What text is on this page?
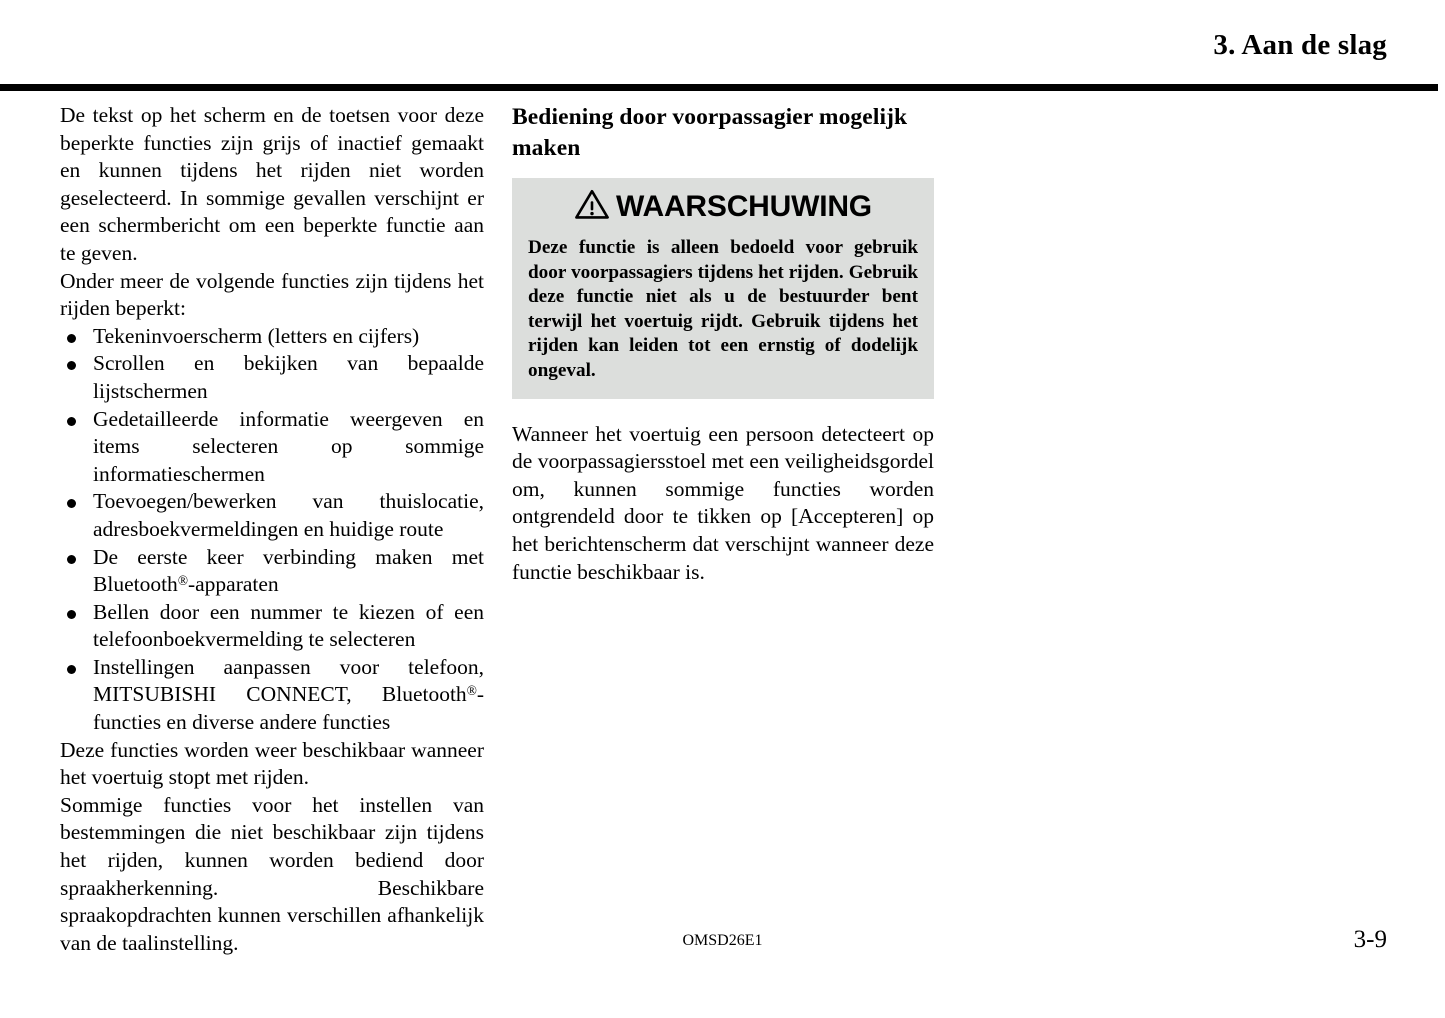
3. Aan de slag

De tekst op het scherm en de toetsen voor deze beperkte functies zijn grijs of inactief gemaakt en kunnen tijdens het rijden niet worden geselecteerd. In sommige gevallen verschijnt er een schermbericht om een beperkte functie aan te geven.

Onder meer de volgende functies zijn tijdens het rijden beperkt:

Tekeninvoerscherm (letters en cijfers)
Scrollen en bekijken van bepaalde lijstschermen
Gedetailleerde informatie weergeven en items selecteren op sommige informatieschermen
Toevoegen/bewerken van thuislocatie, adresboekvermeldingen en huidige route
De eerste keer verbinding maken met Bluetooth®-apparaten
Bellen door een nummer te kiezen of een telefoonboekvermelding te selecteren
Instellingen aanpassen voor telefoon, MITSUBISHI CONNECT, Bluetooth®-functies en diverse andere functies

Deze functies worden weer beschikbaar wanneer het voertuig stopt met rijden.

Sommige functies voor het instellen van bestemmingen die niet beschikbaar zijn tijdens het rijden, kunnen worden bediend door spraakherkenning. Beschikbare spraakopdrachten kunnen verschillen afhankelijk van de taalinstelling.

Bediening door voorpassagier mogelijk maken
WAARSCHUWING

Deze functie is alleen bedoeld voor gebruik door voorpassagiers tijdens het rijden. Gebruik deze functie niet als u de bestuurder bent terwijl het voertuig rijdt. Gebruik tijdens het rijden kan leiden tot een ernstig of dodelijk ongeval.

Wanneer het voertuig een persoon detecteert op de voorpassagiersstoel met een veiligheidsgordel om, kunnen sommige functies worden ontgrendeld door te tikken op [Accepteren] op het berichtenscherm dat verschijnt wanneer deze functie beschikbaar is.

OMSD26E1	3-9
